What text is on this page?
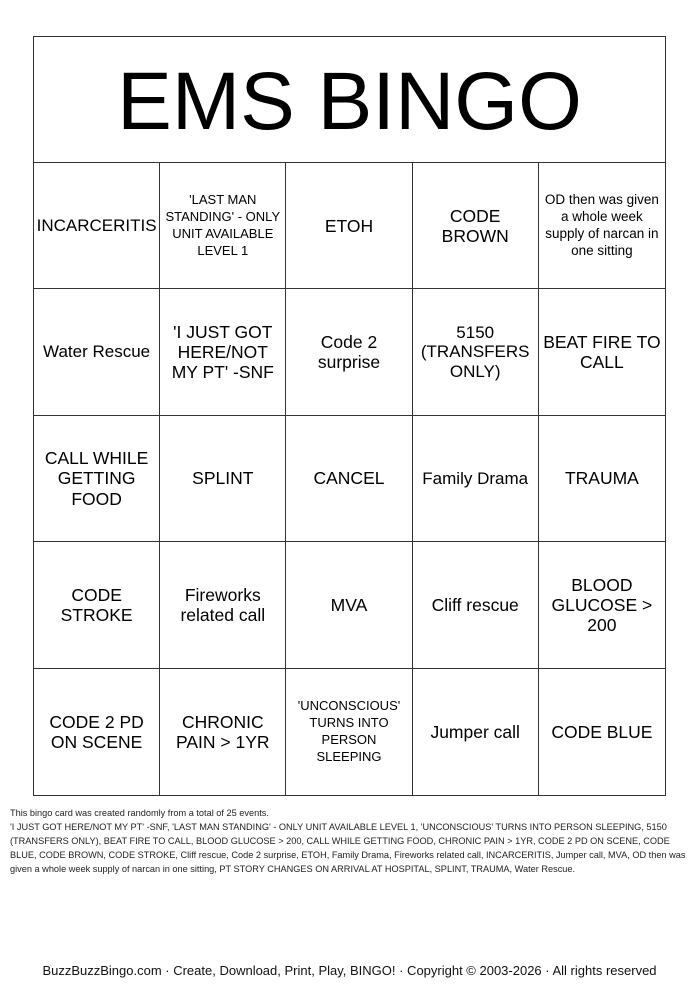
EMS BINGO
INCARCERITIS
'LAST MAN STANDING' - ONLY UNIT AVAILABLE LEVEL 1
ETOH
CODE BROWN
OD then was given a whole week supply of narcan in one sitting
Water Rescue
'I JUST GOT HERE/NOT MY PT' -SNF
Code 2 surprise
5150 (TRANSFERS ONLY)
BEAT FIRE TO CALL
CALL WHILE GETTING FOOD
SPLINT	CANCEL Family Drama TRAUMA
CODE STROKE
Fireworks related call
MVA	Cliff rescue
BLOOD GLUCOSE > 200
CODE 2 PD ON SCENE
CHRONIC PAIN > 1YR
'UNCONSCIOUS' TURNS INTO PERSON SLEEPING
Jumper call CODE BLUE

This bingo card was created randomly from a total of 25 events.

'I JUST GOT HERE/NOT MY PT' -SNF, 'LAST MAN STANDING' - ONLY UNIT AVAILABLE LEVEL 1, 'UNCONSCIOUS' TURNS INTO PERSON SLEEPING, 5150 (TRANSFERS ONLY), BEAT FIRE TO CALL, BLOOD GLUCOSE > 200, CALL WHILE GETTING FOOD, CHRONIC PAIN > 1YR, CODE 2 PD ON SCENE, CODE BLUE, CODE BROWN, CODE STROKE, Cliff rescue, Code 2 surprise, ETOH, Family Drama, Fireworks related call, INCARCERITIS, Jumper call, MVA, OD then was given a whole week supply of narcan in one sitting, PT STORY CHANGES ON ARRIVAL AT HOSPITAL, SPLINT, TRAUMA, Water Rescue.

BuzzBuzzBingo.com · Create, Download, Print, Play, BINGO! · Copyright © 2003-2026 · All rights reserved
